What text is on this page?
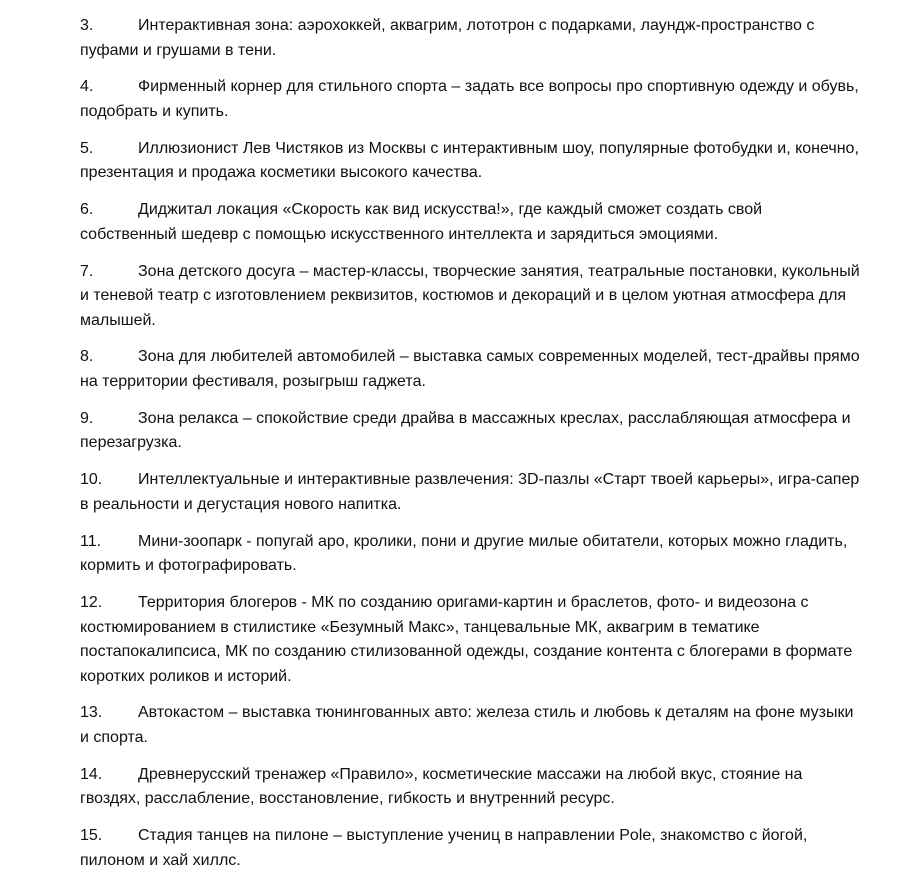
3.	Интерактивная зона: аэрохоккей, аквагрим, лототрон с подарками, лаундж-пространство с пуфами и грушами в тени.
4.	Фирменный корнер для стильного спорта – задать все вопросы про спортивную одежду и обувь, подобрать и купить.
5.	Иллюзионист Лев Чистяков из Москвы с интерактивным шоу, популярные фотобудки и, конечно, презентация и продажа косметики высокого качества.
6.	Диджитал локация «Скорость как вид искусства!», где каждый сможет создать свой собственный шедевр с помощью искусственного интеллекта и зарядиться эмоциями.
7.	Зона детского досуга – мастер-классы, творческие занятия, театральные постановки, кукольный и теневой театр с изготовлением реквизитов, костюмов и декораций и в целом уютная атмосфера для малышей.
8.	Зона для любителей автомобилей – выставка самых современных моделей, тест-драйвы прямо на территории фестиваля, розыгрыш гаджета.
9.	Зона релакса – спокойствие среди драйва в массажных креслах, расслабляющая атмосфера и перезагрузка.
10.	Интеллектуальные и интерактивные развлечения: 3D-пазлы «Старт твоей карьеры», игра-сапер в реальности и дегустация нового напитка.
11.	Мини-зоопарк - попугай аро, кролики, пони и другие милые обитатели, которых можно гладить, кормить и фотографировать.
12.	Территория блогеров - МК по созданию оригами-картин и браслетов, фото- и видеозона с костюмированием в стилистике «Безумный Макс», танцевальные МК, аквагрим в тематике постапокалипсиса, МК по созданию стилизованной одежды, создание контента с блогерами в формате коротких роликов и историй.
13.	Автокастом – выставка тюнингованных авто: железа стиль и любовь к деталям на фоне музыки и спорта.
14.	Древнерусский тренажер «Правило», косметические массажи на любой вкус, стояние на гвоздях, расслабление, восстановление, гибкость и внутренний ресурс.
15.	Стадия танцев на пилоне – выступление учениц в направлении Pole, знакомство с йогой, пилоном и хай хиллс.
